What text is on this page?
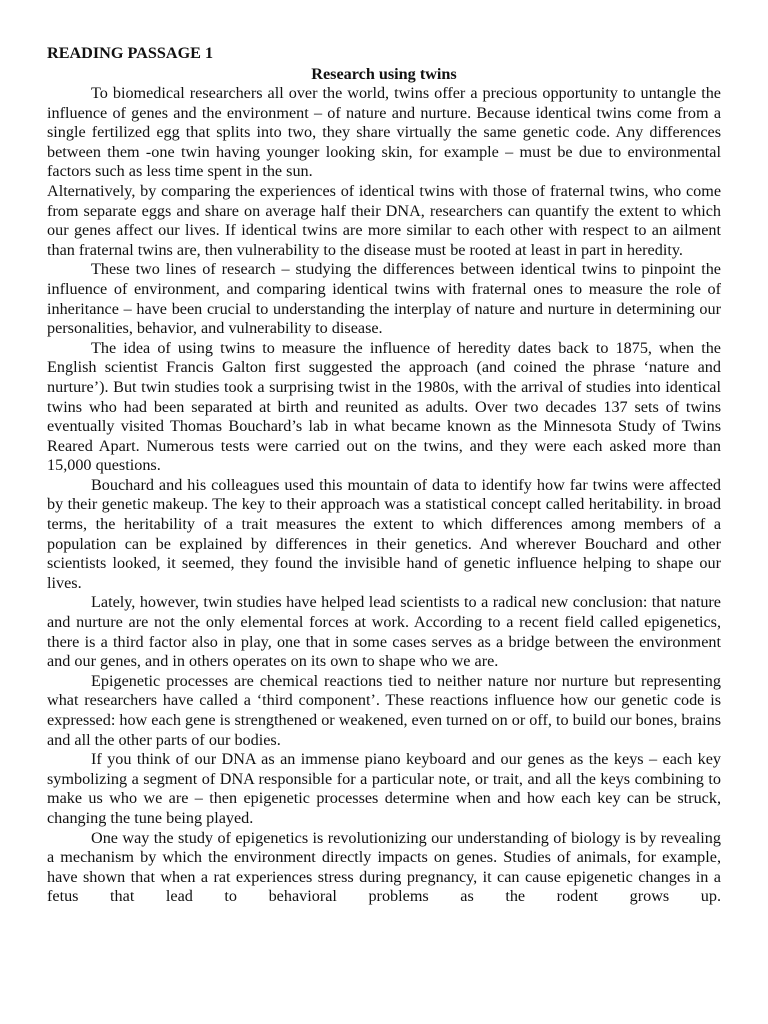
READING PASSAGE 1

Research using twins

To biomedical researchers all over the world, twins offer a precious opportunity to untangle the influence of genes and the environment – of nature and nurture. Because identical twins come from a single fertilized egg that splits into two, they share virtually the same genetic code. Any differences between them -one twin having younger looking skin, for example – must be due to environmental factors such as less time spent in the sun.

Alternatively, by comparing the experiences of identical twins with those of fraternal twins, who come from separate eggs and share on average half their DNA, researchers can quantify the extent to which our genes affect our lives. If identical twins are more similar to each other with respect to an ailment than fraternal twins are, then vulnerability to the disease must be rooted at least in part in heredity.

These two lines of research – studying the differences between identical twins to pinpoint the influence of environment, and comparing identical twins with fraternal ones to measure the role of inheritance – have been crucial to understanding the interplay of nature and nurture in determining our personalities, behavior, and vulnerability to disease.

The idea of using twins to measure the influence of heredity dates back to 1875, when the English scientist Francis Galton first suggested the approach (and coined the phrase ‘nature and nurture’). But twin studies took a surprising twist in the 1980s, with the arrival of studies into identical twins who had been separated at birth and reunited as adults. Over two decades 137 sets of twins eventually visited Thomas Bouchard’s lab in what became known as the Minnesota Study of Twins Reared Apart. Numerous tests were carried out on the twins, and they were each asked more than 15,000 questions.

Bouchard and his colleagues used this mountain of data to identify how far twins were affected by their genetic makeup. The key to their approach was a statistical concept called heritability. in broad terms, the heritability of a trait measures the extent to which differences among members of a population can be explained by differences in their genetics. And wherever Bouchard and other scientists looked, it seemed, they found the invisible hand of genetic influence helping to shape our lives.

Lately, however, twin studies have helped lead scientists to a radical new conclusion: that nature and nurture are not the only elemental forces at work. According to a recent field called epigenetics, there is a third factor also in play, one that in some cases serves as a bridge between the environment and our genes, and in others operates on its own to shape who we are.

Epigenetic processes are chemical reactions tied to neither nature nor nurture but representing what researchers have called a ‘third component’. These reactions influence how our genetic code is expressed: how each gene is strengthened or weakened, even turned on or off, to build our bones, brains and all the other parts of our bodies.

If you think of our DNA as an immense piano keyboard and our genes as the keys – each key symbolizing a segment of DNA responsible for a particular note, or trait, and all the keys combining to make us who we are – then epigenetic processes determine when and how each key can be struck, changing the tune being played.

One way the study of epigenetics is revolutionizing our understanding of biology is by revealing a mechanism by which the environment directly impacts on genes. Studies of animals, for example, have shown that when a rat experiences stress during pregnancy, it can cause epigenetic changes in a fetus that lead to behavioral problems as the rodent grows up.
